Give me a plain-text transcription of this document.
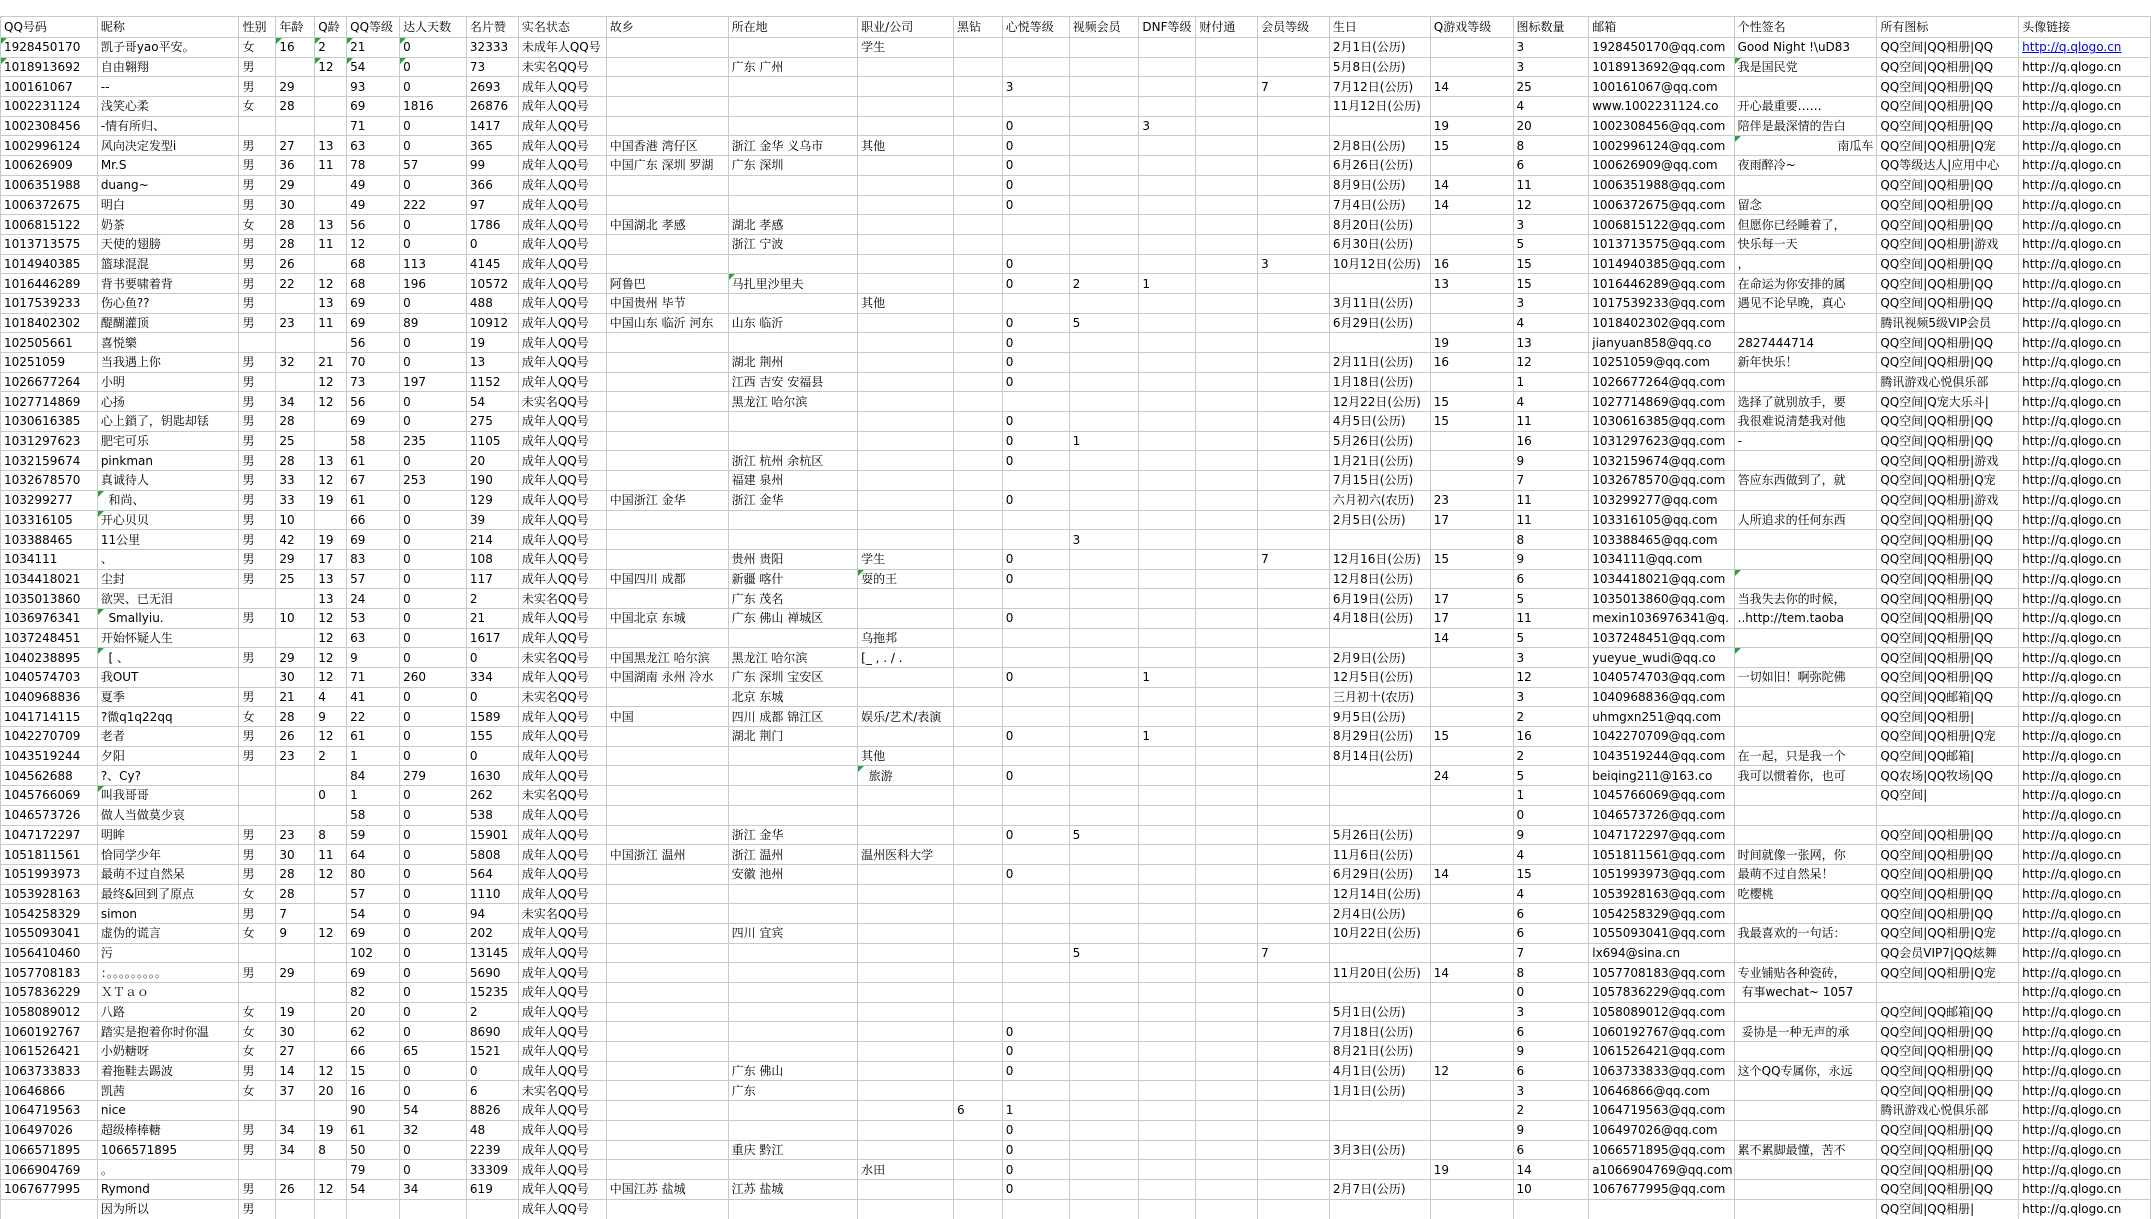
QQ号码	昵称	性别	年龄	Q龄	QQ等级	达人天数	名片赞	实名状态	故乡	所在地	职业/公司	黑钻	心悦等级	视频会员	DNF等级	财付通	会员等级	生日	Q游戏等级	图标数量	邮箱	个性签名	所有图标	头像链接
1928450170	凯子哥yao平安。	女	16	2	21	0	32333	未成年人QQ号			学生							2月1日(公历)		3	1928450170@qq.com	Good Night !\uD83	QQ空间|QQ相册|QQ	http://q.qlogo.cn
1018913692	自由翱翔	男		12	54	0	73	未实名QQ号		广东 广州								5月8日(公历)		3	1018913692@qq.com	我是国民党	QQ空间|QQ相册|QQ	http://q.qlogo.cn
100161067	--	男	29		93	0	2693	成年人QQ号					3				7	7月12日(公历)	14	25	100161067@qq.com		QQ空间|QQ相册|QQ	http://q.qlogo.cn
1002231124	浅笑心柔	女	28		69	1816	26876	成年人QQ号										11月12日(公历)		4	www.1002231124.co	开心最重要……	QQ空间|QQ相册|QQ	http://q.qlogo.cn
1002308456	-情有所归、				71	0	1417	成年人QQ号					0		3				19	20	1002308456@qq.com	陪伴是最深情的告白	QQ空间|QQ相册|QQ	http://q.qlogo.cn
1002996124	风向决定发型i	男	27	13	63	0	365	成年人QQ号	中国香港 湾仔区	浙江 金华 义乌市	其他		0					2月8日(公历)	15	8	1002996124@qq.com	南瓜车	QQ空间|QQ相册|Q宠	http://q.qlogo.cn
100626909	Mr.S	男	36	11	78	57	99	成年人QQ号	中国广东 深圳 罗湖	广东 深圳			0					6月26日(公历)		6	100626909@qq.com	夜雨醉冷~	QQ等级达人|应用中心	http://q.qlogo.cn
1006351988	duang~	男	29		49	0	366	成年人QQ号					0					8月9日(公历)	14	11	1006351988@qq.com		QQ空间|QQ相册|QQ	http://q.qlogo.cn
1006372675	明白	男	30		49	222	97	成年人QQ号					0					7月4日(公历)	14	12	1006372675@qq.com	留念	QQ空间|QQ相册|QQ	http://q.qlogo.cn
1006815122	奶茶	女	28	13	56	0	1786	成年人QQ号	中国湖北 孝感	湖北 孝感								8月20日(公历)		3	1006815122@qq.com	但愿你已经睡着了，	QQ空间|QQ相册|QQ	http://q.qlogo.cn
1013713575	天使的翅膀	男	28	11	12	0	0	成年人QQ号		浙江 宁波								6月30日(公历)		5	1013713575@qq.com	快乐每一天	QQ空间|QQ相册|游戏	http://q.qlogo.cn
1014940385	篮球混混	男	26		68	113	4145	成年人QQ号					0				3	10月12日(公历)	16	15	1014940385@qq.com	，	QQ空间|QQ相册|QQ	http://q.qlogo.cn
1016446289	背书要啸着背	男	22	12	68	196	10572	成年人QQ号	阿鲁巴	马扎里沙里夫			0	2	1				13	15	1016446289@qq.com	在命运为你安排的属	QQ空间|QQ相册|QQ	http://q.qlogo.cn
1017539233	伤心鱼??	男		13	69	0	488	成年人QQ号	中国贵州 毕节		其他							3月11日(公历)		3	1017539233@qq.com	遇见不论早晚，真心	QQ空间|QQ相册|QQ	http://q.qlogo.cn
1018402302	醍醐灌顶	男	23	11	69	89	10912	成年人QQ号	中国山东 临沂 河东	山东 临沂			0	5				6月29日(公历)		4	1018402302@qq.com		腾讯视频5级VIP会员	http://q.qlogo.cn
102505661	喜悦樂				56	0	19	成年人QQ号					0						19	13	jianyuan858@qq.co	2827444714	QQ空间|QQ相册|QQ	http://q.qlogo.cn
10251059	当我遇上你	男	32	21	70	0	13	成年人QQ号		湖北 荆州			0					2月11日(公历)	16	12	10251059@qq.com	新年快乐！	QQ空间|QQ相册|QQ	http://q.qlogo.cn
1026677264	小明	男		12	73	197	1152	成年人QQ号		江西 吉安 安福县			0					1月18日(公历)		1	1026677264@qq.com		腾讯游戏心悦俱乐部	http://q.qlogo.cn
1027714869	心扬	男	34	12	56	0	54	未实名QQ号		黑龙江 哈尔滨								12月22日(公历)	15	4	1027714869@qq.com	选择了就别放手，要	QQ空间|Q宠大乐斗|	http://q.qlogo.cn
1030616385	心上鎖了，钥匙却铥	男	28		69	0	275	成年人QQ号					0					4月5日(公历)	15	11	1030616385@qq.com	我很难说清楚我对他	QQ空间|QQ相册|QQ	http://q.qlogo.cn
1031297623	肥宅可乐	男	25		58	235	1105	成年人QQ号					0	1				5月26日(公历)		16	1031297623@qq.com	-	QQ空间|QQ相册|QQ	http://q.qlogo.cn
1032159674	pinkman	男	28	13	61	0	20	成年人QQ号		浙江 杭州 余杭区			0					1月21日(公历)		9	1032159674@qq.com		QQ空间|QQ相册|游戏	http://q.qlogo.cn
1032678570	真诚待人	男	33	12	67	253	190	成年人QQ号		福建 泉州								7月15日(公历)		7	1032678570@qq.com	答应东西做到了，就	QQ空间|QQ相册|Q宠	http://q.qlogo.cn
103299277	和尚、	男	33	19	61	0	129	成年人QQ号	中国浙江 金华	浙江 金华			0					六月初六(农历)	23	11	103299277@qq.com		QQ空间|QQ相册|游戏	http://q.qlogo.cn
103316105	开心贝贝	男	10		66	0	39	成年人QQ号										2月5日(公历)	17	11	103316105@qq.com	人所追求的任何东西	QQ空间|QQ相册|QQ	http://q.qlogo.cn
103388465	11公里	男	42	19	69	0	214	成年人QQ号						3						8	103388465@qq.com		QQ空间|QQ相册|QQ	http://q.qlogo.cn
1034111	、	男	29	17	83	0	108	成年人QQ号		贵州 贵阳	学生		0				7	12月16日(公历)	15	9	1034111@qq.com		QQ空间|QQ相册|QQ	http://q.qlogo.cn
1034418021	尘封	男	25	13	57	0	117	成年人QQ号	中国四川 成都	新疆 喀什	耍的王		0					12月8日(公历)		6	1034418021@qq.com		QQ空间|QQ相册|QQ	http://q.qlogo.cn
1035013860	欲哭、已无泪			13	24	0	2	未实名QQ号		广东 茂名								6月19日(公历)	17	5	1035013860@qq.com	当我失去你的时候，	QQ空间|QQ相册|QQ	http://q.qlogo.cn
1036976341	Smallyiu.	男	10	12	53	0	21	成年人QQ号	中国北京 东城	广东 佛山 禅城区			0					4月18日(公历)	17	11	mexin1036976341@q.	..http://tem.taoba	QQ空间|QQ相册|QQ	http://q.qlogo.cn
1037248451	开始怀疑人生			12	63	0	1617	成年人QQ号			乌拖邦								14	5	1037248451@qq.com		QQ空间|QQ相册|QQ	http://q.qlogo.cn
1040238895	[ 、	男	29	12	9	0	0	未实名QQ号	中国黑龙江 哈尔滨	黑龙江 哈尔滨	[_ , . / .							2月9日(公历)		3	yueyue_wudi@qq.co		QQ空间|QQ相册|QQ	http://q.qlogo.cn
1040574703	我OUT		30	12	71	260	334	成年人QQ号	中国湖南 永州 冷水	广东 深圳 宝安区			0		1			12月5日(公历)		12	1040574703@qq.com	一切如旧！啊弥陀佛	QQ空间|QQ相册|QQ	http://q.qlogo.cn
1040968836	夏季	男	21	4	41	0	0	未实名QQ号		北京 东城								三月初十(农历)		3	1040968836@qq.com		QQ空间|QQ邮箱|QQ	http://q.qlogo.cn
1041714115	?微q1q22qq	女	28	9	22	0	1589	成年人QQ号	中国	四川 成都 锦江区	娱乐/艺术/表演							9月5日(公历)		2	uhmgxn251@qq.com		QQ空间|QQ相册|	http://q.qlogo.cn
1042270709	老者	男	26	12	61	0	155	成年人QQ号		湖北 荆门			0		1			8月29日(公历)	15	16	1042270709@qq.com		QQ空间|QQ相册|Q宠	http://q.qlogo.cn
1043519244	夕阳	男	23	2	1	0	0	成年人QQ号			其他							8月14日(公历)		2	1043519244@qq.com	在一起，只是我一个	QQ空间|QQ邮箱|	http://q.qlogo.cn
104562688	?、Cy?				84	279	1630	成年人QQ号			旅游		0						24	5	beiqing211@163.co	我可以惯着你，也可	QQ农场|QQ牧场|QQ	http://q.qlogo.cn
1045766069	叫我哥哥			0	1	0	262	未实名QQ号												1	1045766069@qq.com		QQ空间|	http://q.qlogo.cn
1046573726	做人当做莫少哀				58	0	538	成年人QQ号												0	1046573726@qq.com			http://q.qlogo.cn
1047172297	明眸	男	23	8	59	0	15901	成年人QQ号		浙江 金华			0	5				5月26日(公历)		9	1047172297@qq.com		QQ空间|QQ相册|QQ	http://q.qlogo.cn
1051811561	恰同学少年	男	30	11	64	0	5808	成年人QQ号	中国浙江 温州	浙江 温州	温州医科大学							11月6日(公历)		4	1051811561@qq.com	时间就像一张网，你	QQ空间|QQ相册|QQ	http://q.qlogo.cn
1051993973	最萌不过自然呆	男	28	12	80	0	564	成年人QQ号		安徽 池州			0					6月29日(公历)	14	15	1051993973@qq.com	最萌不过自然呆！	QQ空间|QQ相册|QQ	http://q.qlogo.cn
1053928163	最终&回到了原点	女	28		57	0	1110	成年人QQ号										12月14日(公历)		4	1053928163@qq.com	吃樱桃	QQ空间|QQ相册|QQ	http://q.qlogo.cn
1054258329	simon	男	7		54	0	94	未实名QQ号										2月4日(公历)		6	1054258329@qq.com		QQ空间|QQ相册|QQ	http://q.qlogo.cn
1055093041	虚伪的谎言	女	9	12	69	0	202	成年人QQ号		四川 宜宾								10月22日(公历)		6	1055093041@qq.com	我最喜欢的一句话：	QQ空间|QQ相册|Q宠	http://q.qlogo.cn
1056410460	污				102	0	13145	成年人QQ号						5			7			7	lx694@sina.cn		QQ会员VIP7|QQ炫舞	http://q.qlogo.cn
1057708183	：。。。。。。。。。	男	29		69	0	5690	成年人QQ号										11月20日(公历)	14	8	1057708183@qq.com	专业铺贴各种瓷砖，	QQ空间|QQ相册|Q宠	http://q.qlogo.cn
1057836229	ＸＴａｏ				82	0	15235	成年人QQ号												0	1057836229@qq.com	有事wechat~ 1057		http://q.qlogo.cn
1058089012	八路	女	19		20	0	2	成年人QQ号										5月1日(公历)		3	1058089012@qq.com		QQ空间|QQ邮箱|QQ	http://q.qlogo.cn
1060192767	踏实是抱着你时你温	女	30		62	0	8690	成年人QQ号					0					7月18日(公历)		6	1060192767@qq.com	妥协是一种无声的承	QQ空间|QQ相册|QQ	http://q.qlogo.cn
1061526421	小奶糖呀	女	27		66	65	1521	成年人QQ号					0					8月21日(公历)		9	1061526421@qq.com		QQ空间|QQ相册|QQ	http://q.qlogo.cn
1063733833	着拖鞋去踢波	男	14	12	15	0	0	成年人QQ号		广东 佛山			0					4月1日(公历)	12	6	1063733833@qq.com	这个QQ专属你，永远	QQ空间|QQ相册|QQ	http://q.qlogo.cn
10646866	凯茜	女	37	20	16	0	6	未实名QQ号		广东								1月1日(公历)		3	10646866@qq.com		QQ空间|QQ相册|QQ	http://q.qlogo.cn
1064719563	nice				90	54	8826	成年人QQ号				6	1							2	1064719563@qq.com		腾讯游戏心悦俱乐部	http://q.qlogo.cn
106497026	超级棒棒糖	男	34	19	61	32	48	成年人QQ号					0							9	106497026@qq.com		QQ空间|QQ相册|QQ	http://q.qlogo.cn
1066571895	1066571895	男	34	8	50	0	2239	成年人QQ号		重庆 黔江			0					3月3日(公历)		6	1066571895@qq.com	累不累脚最懂，苦不	QQ空间|QQ相册|QQ	http://q.qlogo.cn
1066904769	。				79	0	33309	成年人QQ号			水田		0						19	14	a1066904769@qq.com		QQ空间|QQ相册|QQ	http://q.qlogo.cn
1067677995	Rymond	男	26	12	54	34	619	成年人QQ号	中国江苏 盐城	江苏 盐城			0					2月7日(公历)		10	1067677995@qq.com		QQ空间|QQ相册|QQ	http://q.qlogo.cn
	因为所以	男						成年人QQ号															QQ空间|QQ相册|	http://q.qlogo.cn
